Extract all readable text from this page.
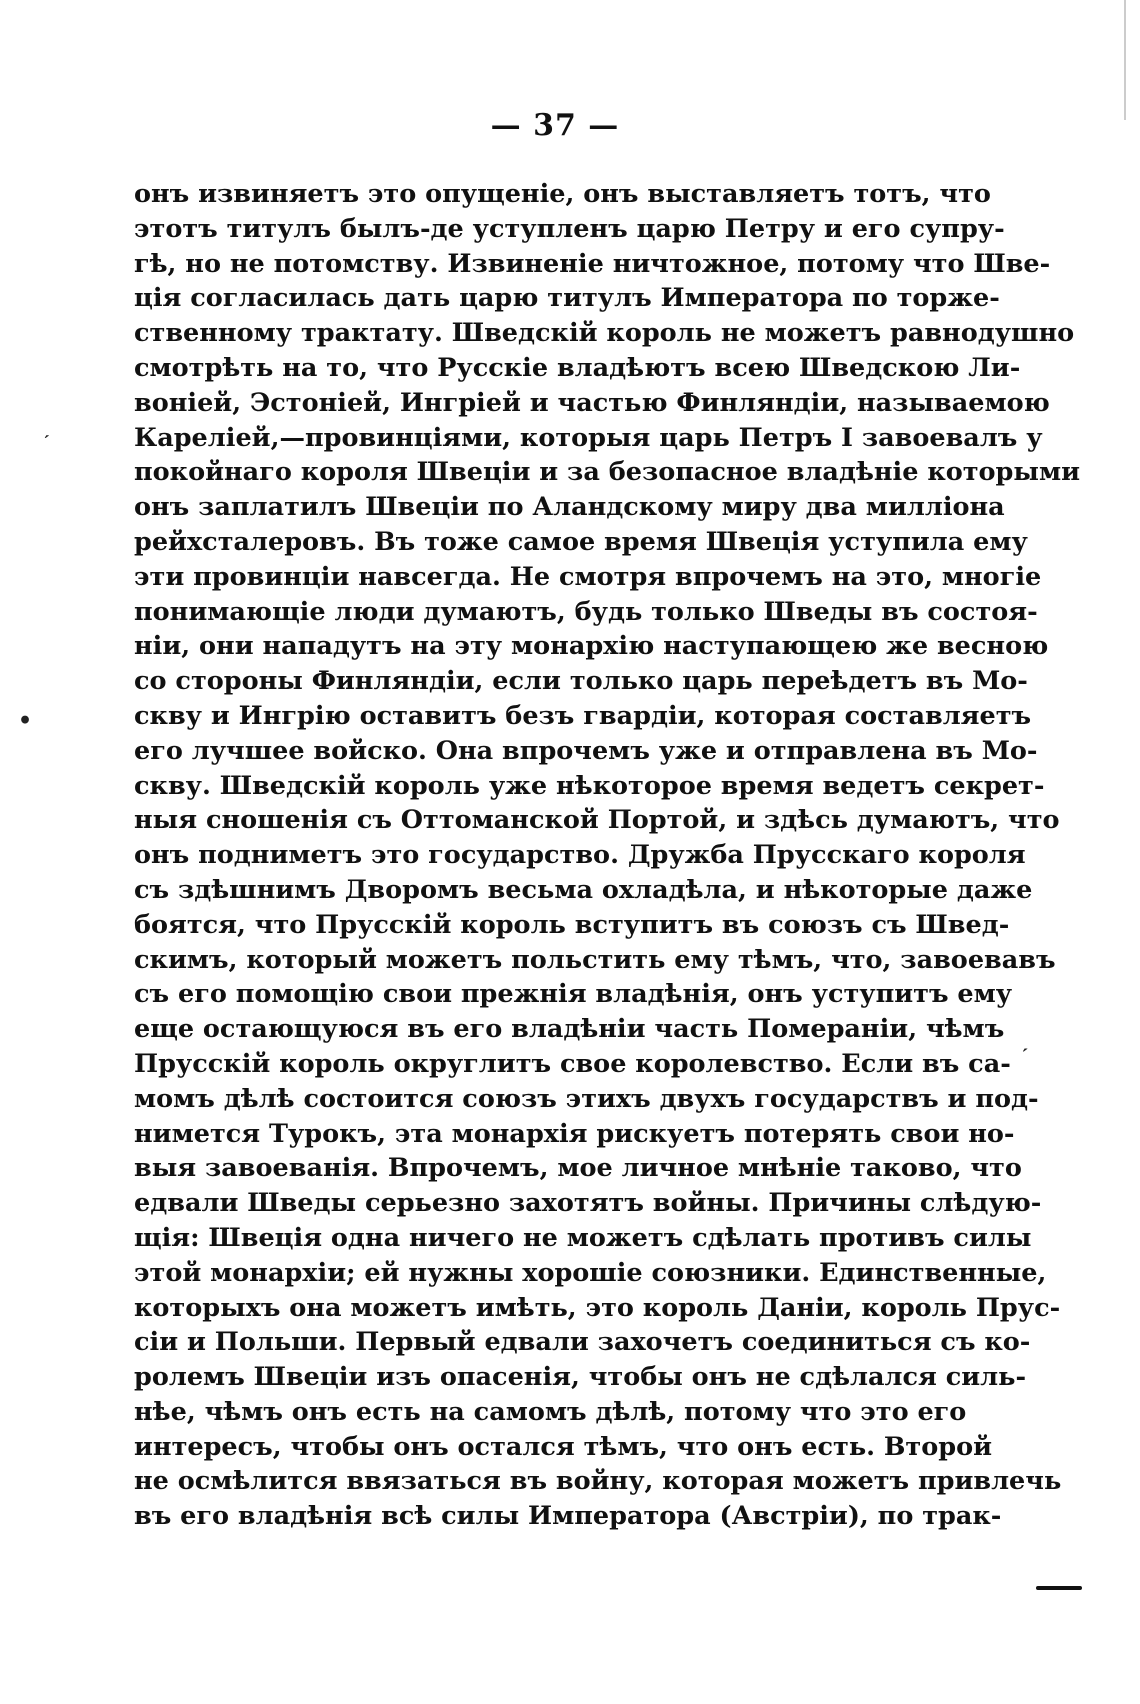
— 37 —
онъ извиняетъ это опущеніе, онъ выставляетъ тотъ, что
этотъ титулъ былъ-де уступленъ царю Петру и его супру-
гѣ, но не потомству. Извиненіе ничтожное, потому что Шве-
ція согласилась дать царю титулъ Императора по торже-
ственному трактату. Шведскій король не можетъ равнодушно
смотрѣть на то, что Русскіе владѣютъ всею Шведскою Ли-
воніей, Эстоніей, Ингріей и частью Финляндіи, называемою
Кареліей,—провинціями, которыя царь Петръ I завоевалъ у
покойнаго короля Швеціи и за безопасное владѣніе которыми
онъ заплатилъ Швеціи по Аландскому миру два милліона
рейхсталеровъ. Въ тоже самое время Швеція уступила ему
эти провинціи навсегда. Не смотря впрочемъ на это, многіе
понимающіе люди думаютъ, будь только Шведы въ состоя-
ніи, они нападутъ на эту монархію наступающею же весною
со стороны Финляндіи, если только царь переѣдетъ въ Мо-
скву и Ингрію оставитъ безъ гвардіи, которая составляетъ
его лучшее войско. Она впрочемъ уже и отправлена въ Мо-
скву. Шведскій король уже нѣкоторое время ведетъ секрет-
ныя сношенія съ Оттоманской Портой, и здѣсь думаютъ, что
онъ подниметъ это государство. Дружба Прусскаго короля
съ здѣшнимъ Дворомъ весьма охладѣла, и нѣкоторые даже
боятся, что Прусскій король вступитъ въ союзъ съ Швед-
скимъ, который можетъ польстить ему тѣмъ, что, завоевавъ
съ его помощію свои прежнія владѣнія, онъ уступитъ ему
еще остающуюся въ его владѣніи часть Помераніи, чѣмъ
Прусскій король округлитъ свое королевство. Если въ са-
момъ дѣлѣ состоится союзъ этихъ двухъ государствъ и под-
нимется Турокъ, эта монархія рискуетъ потерять свои но-
выя завоеванія. Впрочемъ, мое личное мнѣніе таково, что
едвали Шведы серьезно захотятъ войны. Причины слѣдую-
щія: Швеція одна ничего не можетъ сдѣлать противъ силы
этой монархіи; ей нужны хорошіе союзники. Единственные,
которыхъ она можетъ имѣть, это король Даніи, король Прус-
сіи и Польши. Первый едвали захочетъ соединиться съ ко-
ролемъ Швеціи изъ опасенія, чтобы онъ не сдѣлался силь-
нѣе, чѣмъ онъ есть на самомъ дѣлѣ, потому что это его
интересъ, чтобы онъ остался тѣмъ, что онъ есть. Второй
не осмѣлится ввязаться въ войну, которая можетъ привлечь
въ его владѣнія всѣ силы Императора (Австріи), по трак-
ˏ
•
ˏ
